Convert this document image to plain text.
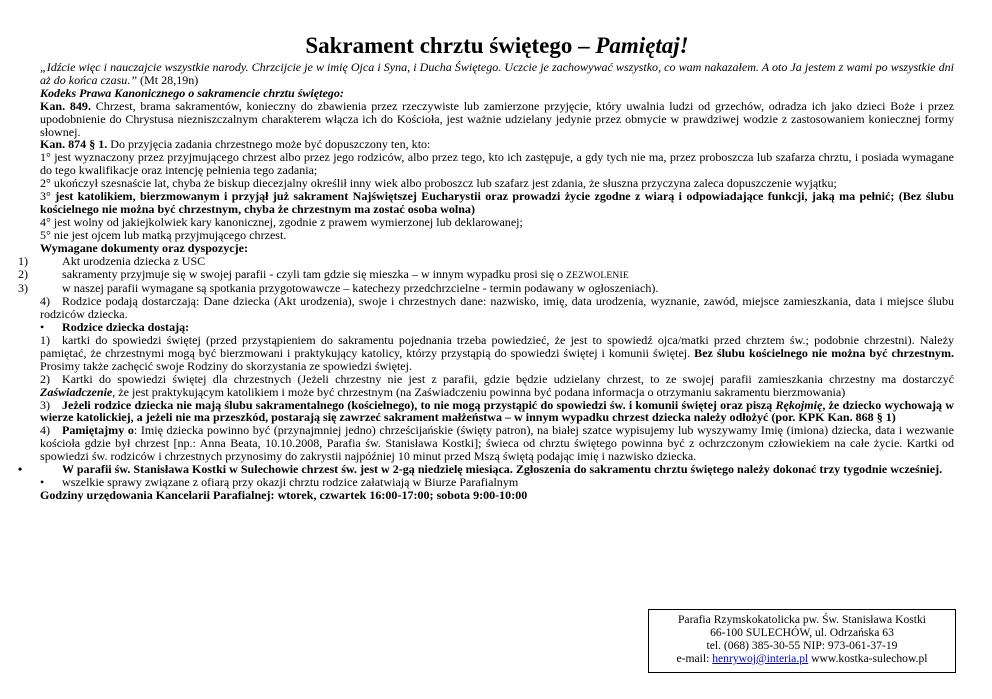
Sakrament chrztu świętego – Pamiętaj!

„Idźcie więc i nauczajcie wszystkie narody. Chrzcijcie je w imię Ojca i Syna, i Ducha Świętego. Uczcie je zachowywać wszystko, co wam nakazałem. A oto Ja jestem z wami po wszystkie dni aż do końca czasu.” (Mt 28,19n)

Kodeks Prawa Kanonicznego o sakramencie chrztu świętego:

Kan. 849. Chrzest, brama sakramentów, konieczny do zbawienia przez rzeczywiste lub zamierzone przyjęcie, który uwalnia ludzi od grzechów, odradza ich jako dzieci Boże i przez upodobnienie do Chrystusa niezniszczalnym charakterem włącza ich do Kościoła, jest ważnie udzielany jedynie przez obmycie w prawdziwej wodzie z zastosowaniem koniecznej formy słownej.

Kan. 874 § 1. Do przyjęcia zadania chrzestnego może być dopuszczony ten, kto:

1° jest wyznaczony przez przyjmującego chrzest albo przez jego rodziców, albo przez tego, kto ich zastępuje, a gdy tych nie ma, przez proboszcza lub szafarza chrztu, i posiada wymagane do tego kwalifikacje oraz intencję pełnienia tego zadania;

2° ukończył szesnaście lat, chyba że biskup diecezjalny określił inny wiek albo proboszcz lub szafarz jest zdania, że słuszna przyczyna zaleca dopuszczenie wyjątku;

3° jest katolikiem, bierzmowanym i przyjął już sakrament Najświętszej Eucharystii oraz prowadzi życie zgodne z wiarą i odpowiadające funkcji, jaką ma pełnić; (Bez ślubu kościelnego nie można być chrzestnym, chyba że chrzestnym ma zostać osoba wolna)

4° jest wolny od jakiejkolwiek kary kanonicznej, zgodnie z prawem wymierzonej lub deklarowanej;

5° nie jest ojcem lub matką przyjmującego chrzest.

Wymagane dokumenty oraz dyspozycje:

1)	Akt urodzenia dziecka z USC

2)	sakramenty przyjmuje się w swojej parafii - czyli tam gdzie się mieszka – w innym wypadku prosi się o ZEZWOLENIE

3)	w naszej parafii wymagane są spotkania przygotowawcze – katechezy przedchrzcielne - termin podawany w ogłoszeniach).

4) Rodzice podają dostarczają: Dane dziecka (Akt urodzenia), swoje i chrzestnych dane: nazwisko, imię, data urodzenia, wyznanie, zawód, miejsce zamieszkania, data i miejsce ślubu rodziców dziecka.

• Rodzice dziecka dostają:

1) kartki do spowiedzi świętej (przed przystąpieniem do sakramentu pojednania trzeba powiedzieć, że jest to spowiedź ojca/matki przed chrztem św.; podobnie chrzestni). Należy pamiętać, że chrzestnymi mogą być bierzmowani i praktykujący katolicy, którzy przystąpią do spowiedzi świętej i komunii świętej. Bez ślubu kościelnego nie można być chrzestnym. Prosimy także zachęcić swoje Rodziny do skorzystania ze spowiedzi świętej.

2) Kartki do spowiedzi świętej dla chrzestnych (Jeżeli chrzestny nie jest z parafii, gdzie będzie udzielany chrzest, to ze swojej parafii zamieszkania chrzestny ma dostarczyć Zaświadczenie, że jest praktykującym katolikiem i może być chrzestnym (na Zaświadczeniu powinna być podana informacja o otrzymaniu sakramentu bierzmowania)

3) Jeżeli rodzice dziecka nie mają ślubu sakramentalnego (kościelnego), to nie mogą przystąpić do spowiedzi św. i komunii świętej oraz piszą Rękojmię, że dziecko wychowają w wierze katolickiej, a jeżeli nie ma przeszkód, postarają się zawrzeć sakrament małżeństwa – w innym wypadku chrzest dziecka należy odłożyć (por. KPK Kan. 868 § 1)

4) Pamiętajmy o: Imię dziecka powinno być (przynajmniej jedno) chrześcijańskie (święty patron), na białej szatce wypisujemy lub wyszywamy Imię (imiona) dziecka, data i wezwanie kościoła gdzie był chrzest [np.: Anna Beata, 10.10.2008, Parafia św. Stanisława Kostki]; świeca od chrztu świętego powinna być z ochrzczonym człowiekiem na całe życie. Kartki od spowiedzi św. rodziców i chrzestnych przynosimy do zakrystii najpóźniej 10 minut przed Mszą świętą podając imię i nazwisko dziecka.

•	W parafii św. Stanisława Kostki w Sulechowie chrzest św. jest w 2-gą niedzielę miesiąca. Zgłoszenia do sakramentu chrztu świętego należy dokonać trzy tygodnie wcześniej.

• wszelkie sprawy związane z ofiarą przy okazji chrztu rodzice załatwiają w Biurze Parafialnym

Godziny urzędowania Kancelarii Parafialnej: wtorek, czwartek 16:00-17:00; sobota 9:00-10:00

Parafia Rzymskokatolicka pw. Św. Stanisława Kostki
66-100 SULECHÓW, ul. Odrzańska 63
tel. (068) 385-30-55 NIP: 973-061-37-19
e-mail: henrywoj@interia.pl www.kostka-sulechow.pl
